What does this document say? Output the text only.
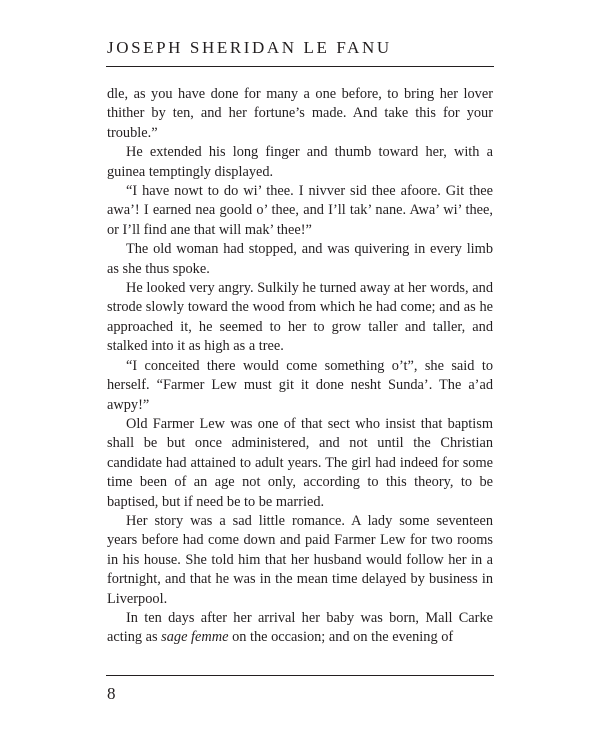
JOSEPH SHERIDAN LE FANU

dle, as you have done for many a one before, to bring her lover thither by ten, and her fortune’s made. And take this for your trouble.”

He extended his long finger and thumb toward her, with a guinea temptingly displayed.

“I have nowt to do wi’ thee. I nivver sid thee afoore. Git thee awa’! I earned nea goold o’ thee, and I’ll tak’ nane. Awa’ wi’ thee, or I’ll find ane that will mak’ thee!”

The old woman had stopped, and was quivering in every limb as she thus spoke.

He looked very angry. Sulkily he turned away at her words, and strode slowly toward the wood from which he had come; and as he approached it, he seemed to her to grow taller and taller, and stalked into it as high as a tree.

“I conceited there would come something o’t”, she said to herself. “Farmer Lew must git it done nesht Sunda’. The a’ad awpy!”

Old Farmer Lew was one of that sect who insist that baptism shall be but once administered, and not until the Christian candidate had attained to adult years. The girl had indeed for some time been of an age not only, according to this theory, to be baptised, but if need be to be married.

Her story was a sad little romance. A lady some seventeen years before had come down and paid Farmer Lew for two rooms in his house. She told him that her husband would follow her in a fortnight, and that he was in the mean time delayed by business in Liverpool.

In ten days after her arrival her baby was born, Mall Carke acting as sage femme on the occasion; and on the evening of

8
